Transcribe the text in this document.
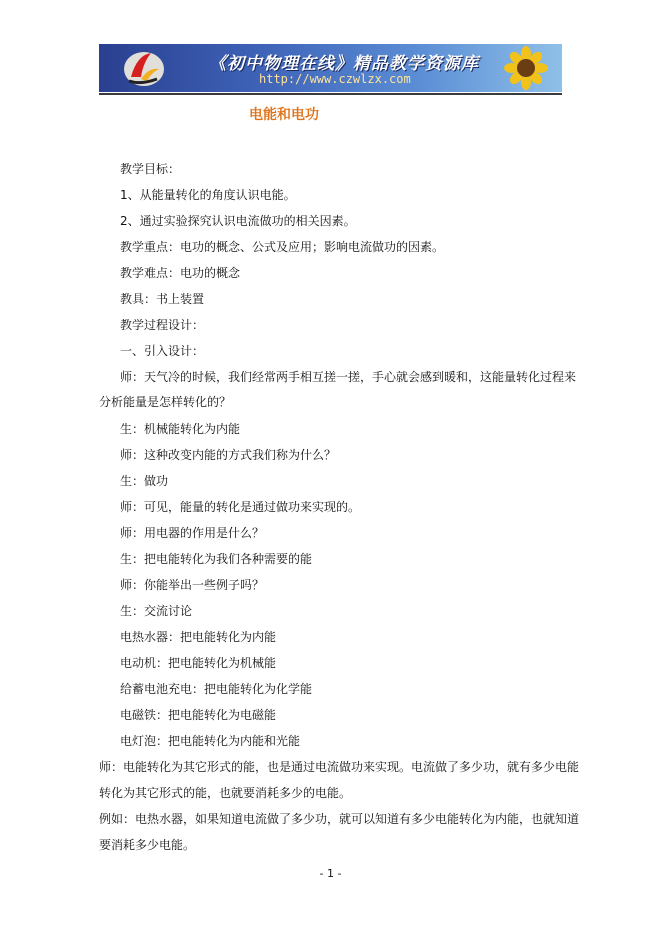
《初中物理在线》精品教学资源库
http://www.czwlzx.com
电能和电功
教学目标：
1、从能量转化的角度认识电能。
2、通过实验探究认识电流做功的相关因素。
教学重点：电功的概念、公式及应用；影响电流做功的因素。
教学难点：电功的概念
教具：书上装置
教学过程设计：
一、引入设计：
师：天气冷的时候，我们经常两手相互搓一搓，手心就会感到暖和，这能量转化过程来
分析能量是怎样转化的？
生：机械能转化为内能
师：这种改变内能的方式我们称为什么？
生：做功
师：可见，能量的转化是通过做功来实现的。
师：用电器的作用是什么？
生：把电能转化为我们各种需要的能
师：你能举出一些例子吗？
生：交流讨论
电热水器：把电能转化为内能
电动机：把电能转化为机械能
给蓄电池充电：把电能转化为化学能
电磁铁：把电能转化为电磁能
电灯泡：把电能转化为内能和光能
师：电能转化为其它形式的能，也是通过电流做功来实现。电流做了多少功，就有多少电能
转化为其它形式的能，也就要消耗多少的电能。
例如：电热水器，如果知道电流做了多少功，就可以知道有多少电能转化为内能，也就知道
要消耗多少电能。
- 1 -
